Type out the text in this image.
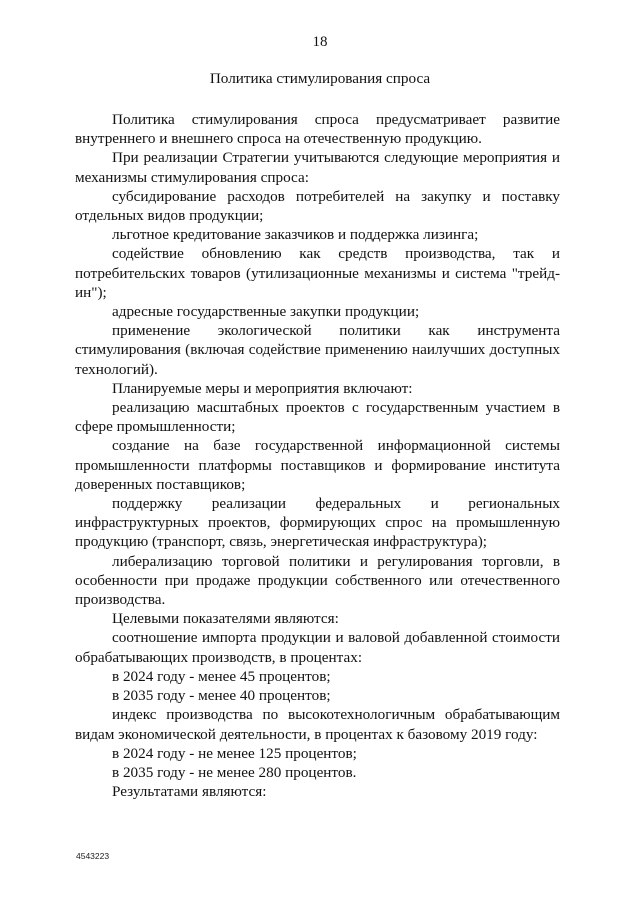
18
Политика стимулирования спроса

Политика стимулирования спроса предусматривает развитие внутреннего и внешнего спроса на отечественную продукцию.

При реализации Стратегии учитываются следующие мероприятия и механизмы стимулирования спроса:

субсидирование расходов потребителей на закупку и поставку отдельных видов продукции;

льготное кредитование заказчиков и поддержка лизинга;

содействие обновлению как средств производства, так и потребительских товаров (утилизационные механизмы и система "трейд-ин");

адресные государственные закупки продукции;

применение экологической политики как инструмента стимулирования (включая содействие применению наилучших доступных технологий).

Планируемые меры и мероприятия включают:

реализацию масштабных проектов с государственным участием в сфере промышленности;

создание на базе государственной информационной системы промышленности платформы поставщиков и формирование института доверенных поставщиков;

поддержку реализации федеральных и региональных инфраструктурных проектов, формирующих спрос на промышленную продукцию (транспорт, связь, энергетическая инфраструктура);

либерализацию торговой политики и регулирования торговли, в особенности при продаже продукции собственного или отечественного производства.

Целевыми показателями являются:

соотношение импорта продукции и валовой добавленной стоимости обрабатывающих производств, в процентах:

в 2024 году - менее 45 процентов;

в 2035 году - менее 40 процентов;

индекс производства по высокотехнологичным обрабатывающим видам экономической деятельности, в процентах к базовому 2019 году:

в 2024 году - не менее 125 процентов;

в 2035 году - не менее 280 процентов.

Результатами являются:

4543223
